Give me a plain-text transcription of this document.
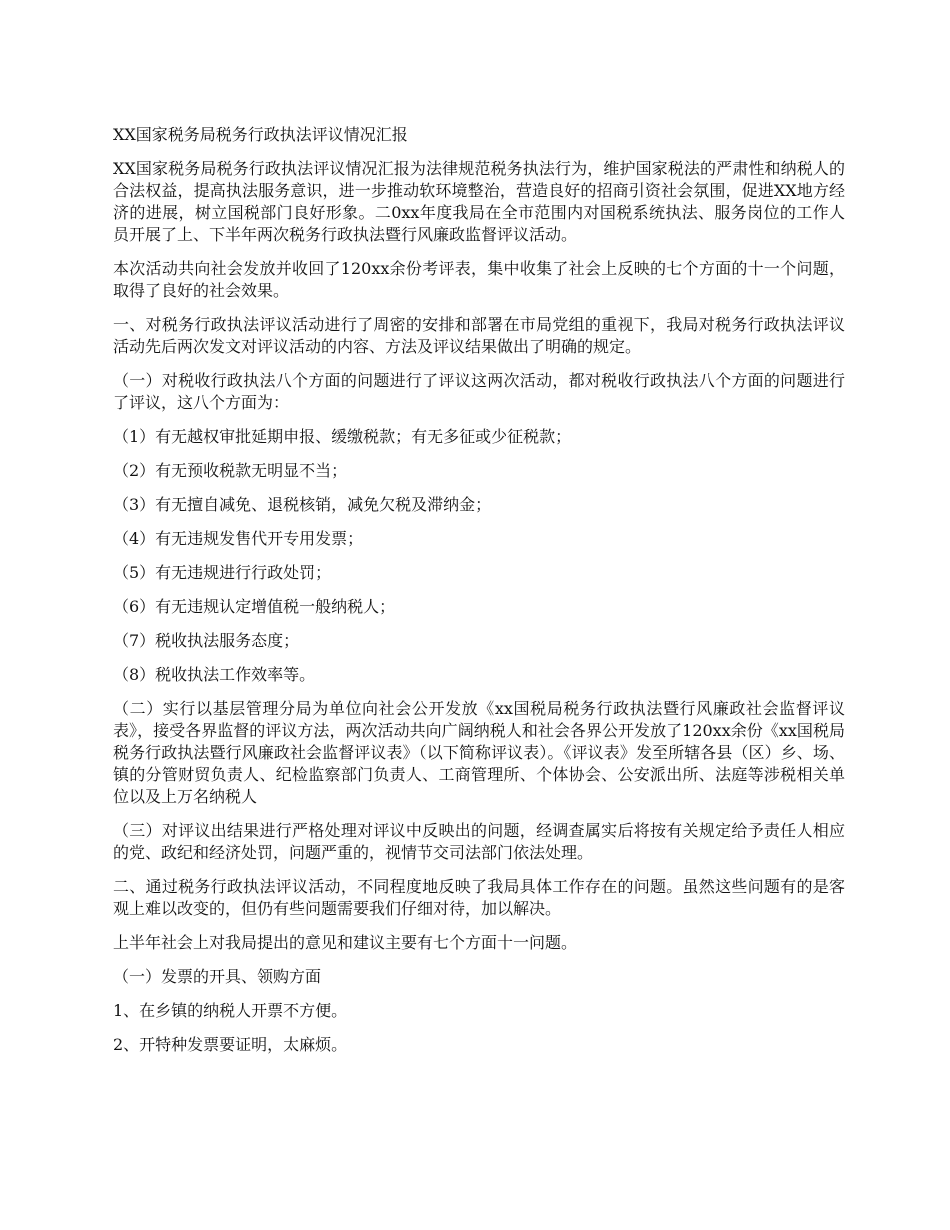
XX国家税务局税务行政执法评议情况汇报

XX国家税务局税务行政执法评议情况汇报为法律规范税务执法行为，维护国家税法的严肃性和纳税人的合法权益，提高执法服务意识，进一步推动软环境整治，营造良好的招商引资社会氛围，促进XX地方经济的进展，树立国税部门良好形象。二0xx年度我局在全市范围内对国税系统执法、服务岗位的工作人员开展了上、下半年两次税务行政执法暨行风廉政监督评议活动。

本次活动共向社会发放并收回了120xx余份考评表，集中收集了社会上反映的七个方面的十一个问题，取得了良好的社会效果。

一、对税务行政执法评议活动进行了周密的安排和部署在市局党组的重视下，我局对税务行政执法评议活动先后两次发文对评议活动的内容、方法及评议结果做出了明确的规定。

（一）对税收行政执法八个方面的问题进行了评议这两次活动，都对税收行政执法八个方面的问题进行了评议，这八个方面为：

（1）有无越权审批延期申报、缓缴税款；有无多征或少征税款；

（2）有无预收税款无明显不当；

（3）有无擅自减免、退税核销，减免欠税及滞纳金；

（4）有无违规发售代开专用发票；

（5）有无违规进行行政处罚；

（6）有无违规认定增值税一般纳税人；

（7）税收执法服务态度；

（8）税收执法工作效率等。

（二）实行以基层管理分局为单位向社会公开发放《xx国税局税务行政执法暨行风廉政社会监督评议表》，接受各界监督的评议方法，两次活动共向广阔纳税人和社会各界公开发放了120xx余份《xx国税局税务行政执法暨行风廉政社会监督评议表》（以下简称评议表）。《评议表》发至所辖各县（区）乡、场、镇的分管财贸负责人、纪检监察部门负责人、工商管理所、个体协会、公安派出所、法庭等涉税相关单位以及上万名纳税人

（三）对评议出结果进行严格处理对评议中反映出的问题，经调查属实后将按有关规定给予责任人相应的党、政纪和经济处罚，问题严重的，视情节交司法部门依法处理。

二、通过税务行政执法评议活动，不同程度地反映了我局具体工作存在的问题。虽然这些问题有的是客观上难以改变的，但仍有些问题需要我们仔细对待，加以解决。

上半年社会上对我局提出的意见和建议主要有七个方面十一问题。

（一）发票的开具、领购方面

1、在乡镇的纳税人开票不方便。

2、开特种发票要证明，太麻烦。
